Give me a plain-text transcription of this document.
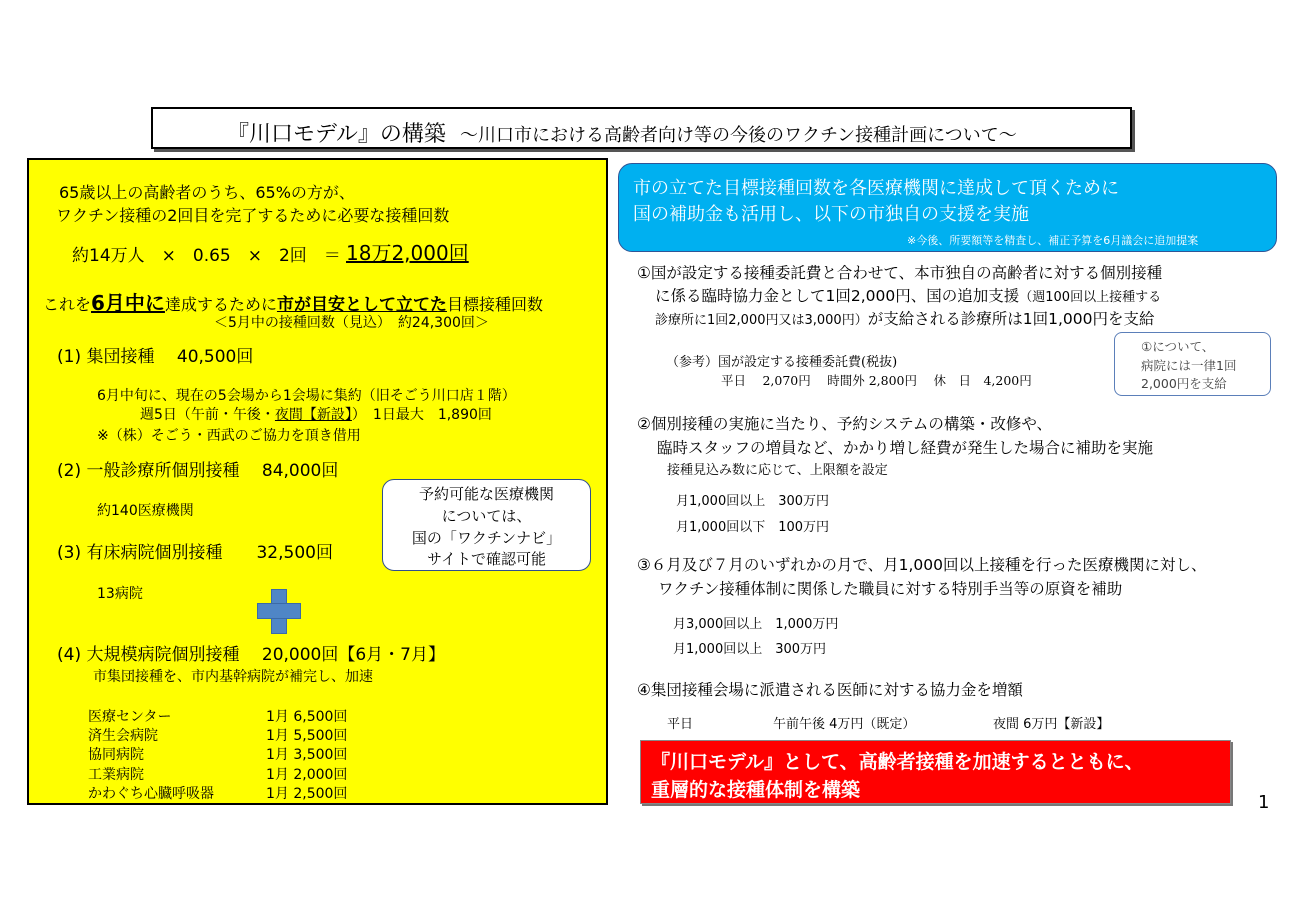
『川口モデル』の構築 ～川口市における高齢者向け等の今後のワクチン接種計画について～
65歳以上の高齢者のうち、65%の方が、
ワクチン接種の2回目を完了するために必要な接種回数
約14万人　×　0.65　×　2回　＝ 18万2,000回
これを6月中に達成するために市が目安として立てた目標接種回数
＜5月中の接種回数（見込）　約24,300回＞
(1) 集団接種　 40,500回
6月中旬に、現在の5会場から1会場に集約（旧そごう川口店１階）
週5日（午前・午後・夜間【新設】）　1日最大　1,890回
※（株）そごう・西武のご協力を頂き借用
(2) 一般診療所個別接種　 84,000回
約140医療機関
(3) 有床病院個別接種　　32,500回
13病院
(4) 大規模病院個別接種　 20,000回【6月・7月】
市集団接種を、市内基幹病院が補完し、加速
医療センター	1月 6,500回
済生会病院	1月 5,500回
協同病院	1月 3,500回
工業病院	1月 2,000回
かわぐち心臓呼吸器	1月 2,500回
予約可能な医療機関
については、
国の「ワクチンナビ」
サイトで確認可能
市の立てた目標接種回数を各医療機関に達成して頂くために
国の補助金も活用し、以下の市独自の支援を実施
※今後、所要額等を精査し、補正予算を6月議会に追加提案
①国が設定する接種委託費と合わせて、本市独自の高齢者に対する個別接種
に係る臨時協力金として1回2,000円、国の追加支援（週100回以上接種する
診療所に1回2,000円又は3,000円）が支給される診療所は1回1,000円を支給
（参考）国が設定する接種委託費(税抜)
平日　 2,070円　 時間外 2,800円　 休　日　4,200円
①について、
病院には一律1回
2,000円を支給
②個別接種の実施に当たり、予約システムの構築・改修や、
臨時スタッフの増員など、かかり増し経費が発生した場合に補助を実施
接種見込み数に応じて、上限額を設定
月1,000回以上　300万円
月1,000回以下　100万円
③６月及び７月のいずれかの月で、月1,000回以上接種を行った医療機関に対し、
ワクチン接種体制に関係した職員に対する特別手当等の原資を補助
月3,000回以上　1,000万円
月1,000回以上　300万円
④集団接種会場に派遣される医師に対する協力金を増額
平日	午前午後 4万円（既定）	夜間 6万円【新設】
『川口モデル』として、高齢者接種を加速するとともに、
重層的な接種体制を構築
1
